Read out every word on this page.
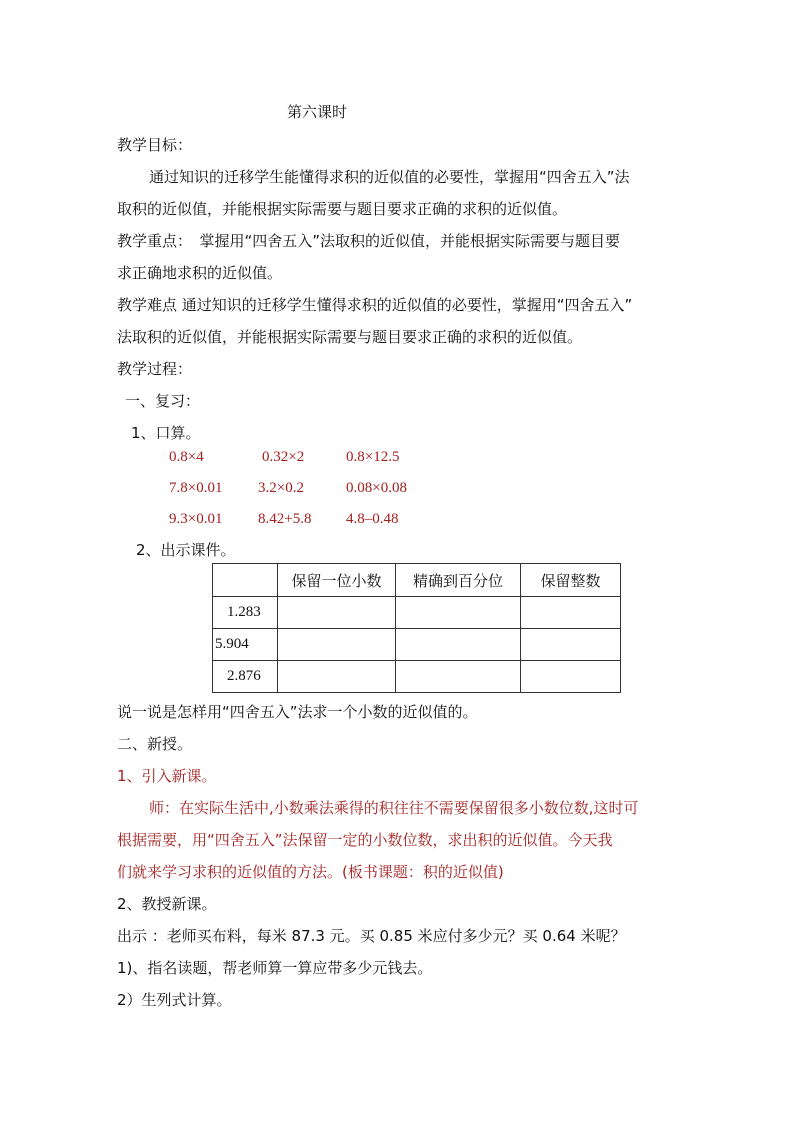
第六课时
教学目标：
通过知识的迁移学生能懂得求积的近似值的必要性，掌握用“四舍五入”法
取积的近似值，并能根据实际需要与题目要求正确的求积的近似值。
教学重点：　掌握用“四舍五入”法取积的近似值，并能根据实际需要与题目要
求正确地求积的近似值。
教学难点 通过知识的迁移学生懂得求积的近似值的必要性，掌握用“四舍五入”
法取积的近似值，并能根据实际需要与题目要求正确的求积的近似值。
教学过程：
一、复习：
1、口算。
0.8×4	0.32×2	0.8×12.5
7.8×0.01 3.2×0.2	0.08×0.08
9.3×0.01 8.42+5.8 4.8–0.48
2、出示课件。
	保留一位小数	精确到百分位	保留整数
1.283			
5.904			
2.876			
说一说是怎样用“四舍五入”法求一个小数的近似值的。
二、新授。
1、引入新课。
师：在实际生活中,小数乘法乘得的积往往不需要保留很多小数位数,这时可
根据需要，用“四舍五入”法保留一定的小数位数，求出积的近似值。今天我
们就来学习求积的近似值的方法。(板书课题：积的近似值)
2、教授新课。
出示 ：老师买布料，每米 87.3 元。买 0.85 米应付多少元？买 0.64 米呢？
1)、指名读题，帮老师算一算应带多少元钱去。
2）生列式计算。
